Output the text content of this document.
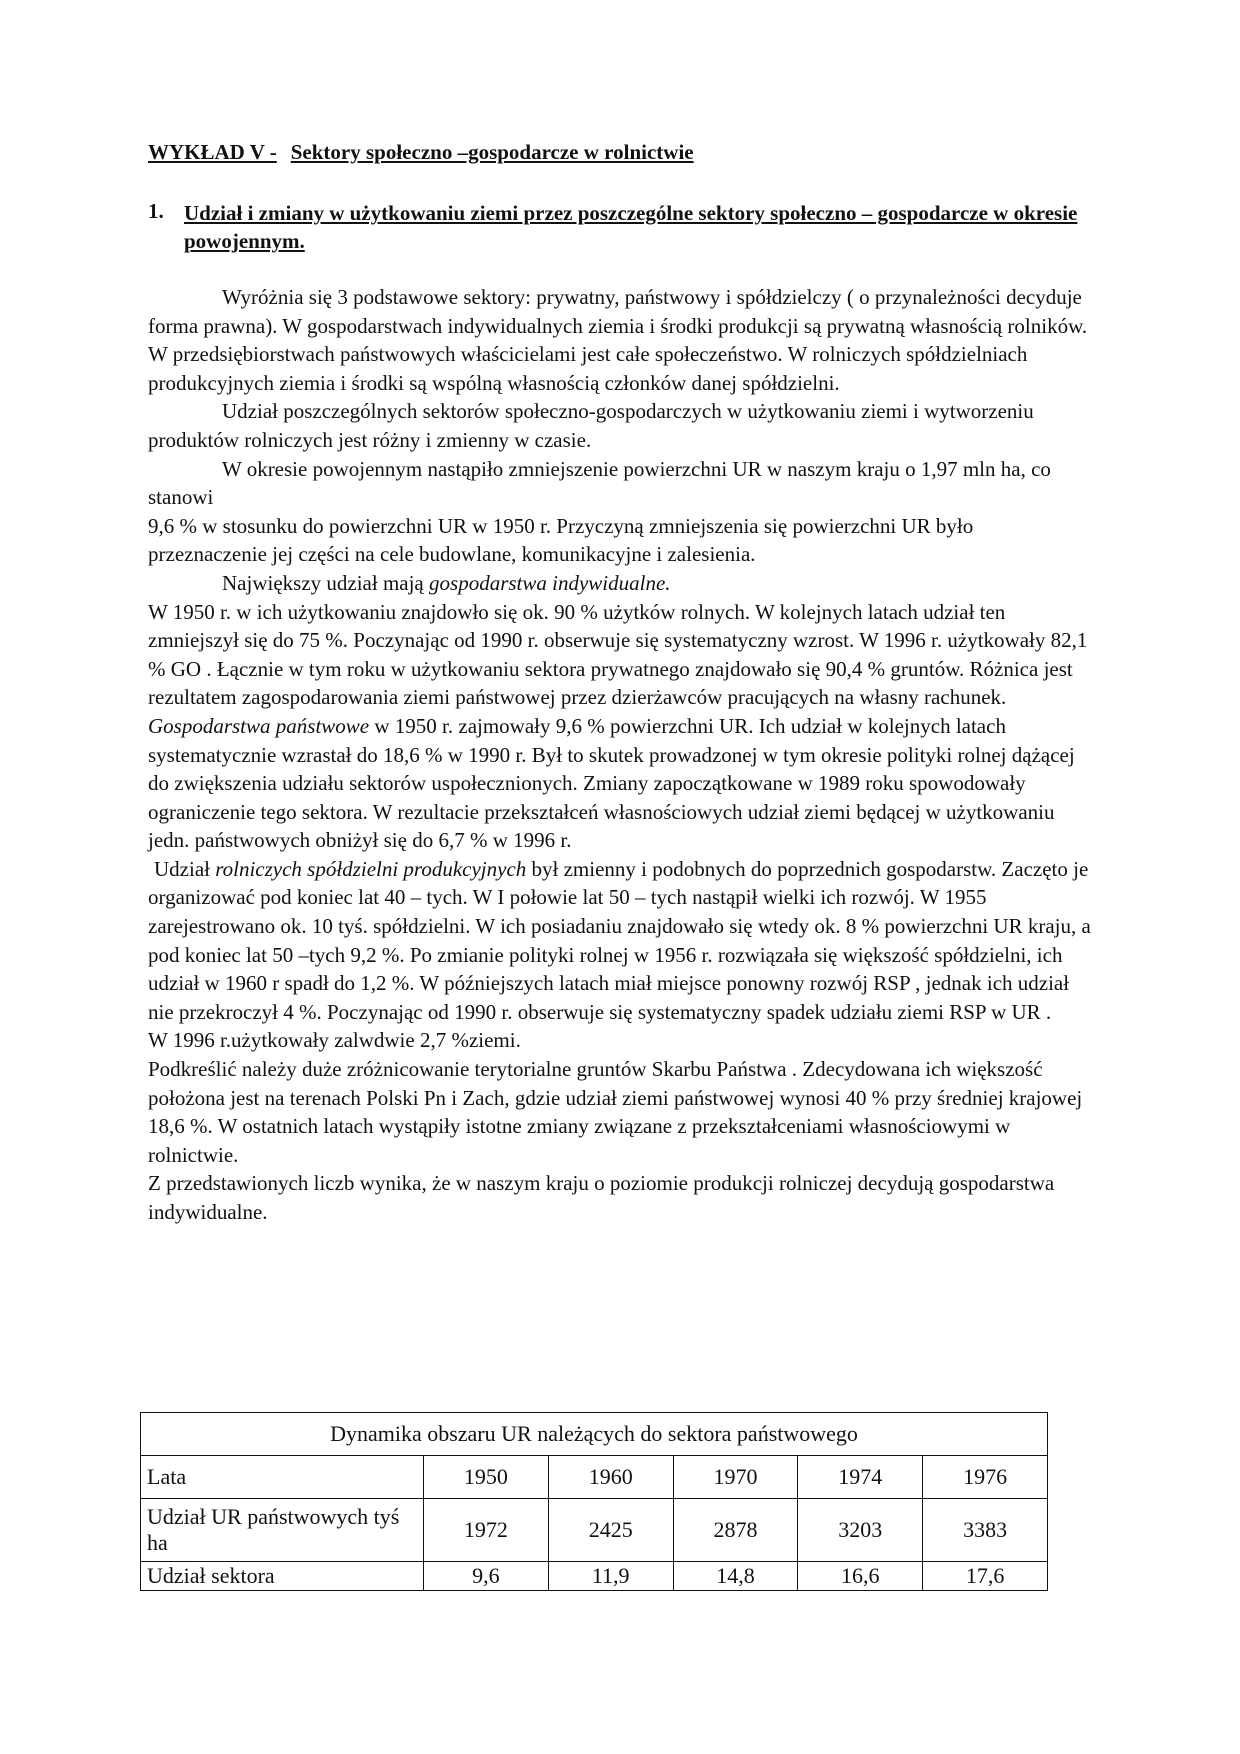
WYKŁAD V - Sektory społeczno –gospodarcze w rolnictwie
1. Udział i zmiany w użytkowaniu ziemi przez poszczególne sektory społeczno – gospodarcze w okresie powojennym.

Wyróżnia się 3 podstawowe sektory: prywatny, państwowy i spółdzielczy ( o przynależności decyduje forma prawna). W gospodarstwach indywidualnych ziemia i środki produkcji są prywatną własnością rolników. W przedsiębiorstwach państwowych właścicielami jest całe społeczeństwo. W rolniczych spółdzielniach produkcyjnych ziemia i środki są wspólną własnością członków danej spółdzielni.

Udział poszczególnych sektorów społeczno-gospodarczych w użytkowaniu ziemi i wytworzeniu produktów rolniczych jest różny i zmienny w czasie.

W okresie powojennym nastąpiło zmniejszenie powierzchni UR w naszym kraju o 1,97 mln ha, co stanowi

9,6 % w stosunku do powierzchni UR w 1950 r. Przyczyną zmniejszenia się powierzchni UR było przeznaczenie jej części na cele budowlane, komunikacyjne i zalesienia.

Największy udział mają gospodarstwa indywidualne.

W 1950 r. w ich użytkowaniu znajdowło się ok. 90 % użytków rolnych. W kolejnych latach udział ten zmniejszył się do 75 %. Poczynając od 1990 r. obserwuje się systematyczny wzrost. W 1996 r. użytkowały 82,1 % GO . Łącznie w tym roku w użytkowaniu sektora prywatnego znajdowało się 90,4 % gruntów. Różnica jest rezultatem zagospodarowania ziemi państwowej przez dzierżawców pracujących na własny rachunek.

Gospodarstwa państwowe w 1950 r. zajmowały 9,6 % powierzchni UR. Ich udział w kolejnych latach systematycznie wzrastał do 18,6 % w 1990 r. Był to skutek prowadzonej w tym okresie polityki rolnej dążącej do zwiększenia udziału sektorów uspołecznionych. Zmiany zapoczątkowane w 1989 roku spowodowały ograniczenie tego sektora. W rezultacie przekształceń własnościowych udział ziemi będącej w użytkowaniu jedn. państwowych obniżył się do 6,7 % w 1996 r.

Udział rolniczych spółdzielni produkcyjnych był zmienny i podobnych do poprzednich gospodarstw. Zaczęto je organizować pod koniec lat 40 – tych. W I połowie lat 50 – tych nastąpił wielki ich rozwój. W 1955 zarejestrowano ok. 10 tyś. spółdzielni. W ich posiadaniu znajdowało się wtedy ok. 8 % powierzchni UR kraju, a pod koniec lat 50 –tych 9,2 %. Po zmianie polityki rolnej w 1956 r. rozwiązała się większość spółdzielni, ich udział w 1960 r spadł do 1,2 %. W późniejszych latach miał miejsce ponowny rozwój RSP , jednak ich udział nie przekroczył 4 %. Poczynając od 1990 r. obserwuje się systematyczny spadek udziału ziemi RSP w UR .

W 1996 r.użytkowały zalwdwie 2,7 %ziemi.

Podkreślić należy duże zróżnicowanie terytorialne gruntów Skarbu Państwa . Zdecydowana ich większość położona jest na terenach Polski Pn i Zach, gdzie udział ziemi państwowej wynosi 40 % przy średniej krajowej 18,6 %. W ostatnich latach wystąpiły istotne zmiany związane z przekształceniami własnościowymi w rolnictwie.

Z przedstawionych liczb wynika, że w naszym kraju o poziomie produkcji rolniczej decydują gospodarstwa indywidualne.

Dynamika obszaru UR należących do sektora państwowego					
Lata	1950	1960	1970	1974	1976
Udział UR państwowych tyś ha	1972	2425	2878	3203	3383
Udział sektora	9,6	11,9	14,8	16,6	17,6
